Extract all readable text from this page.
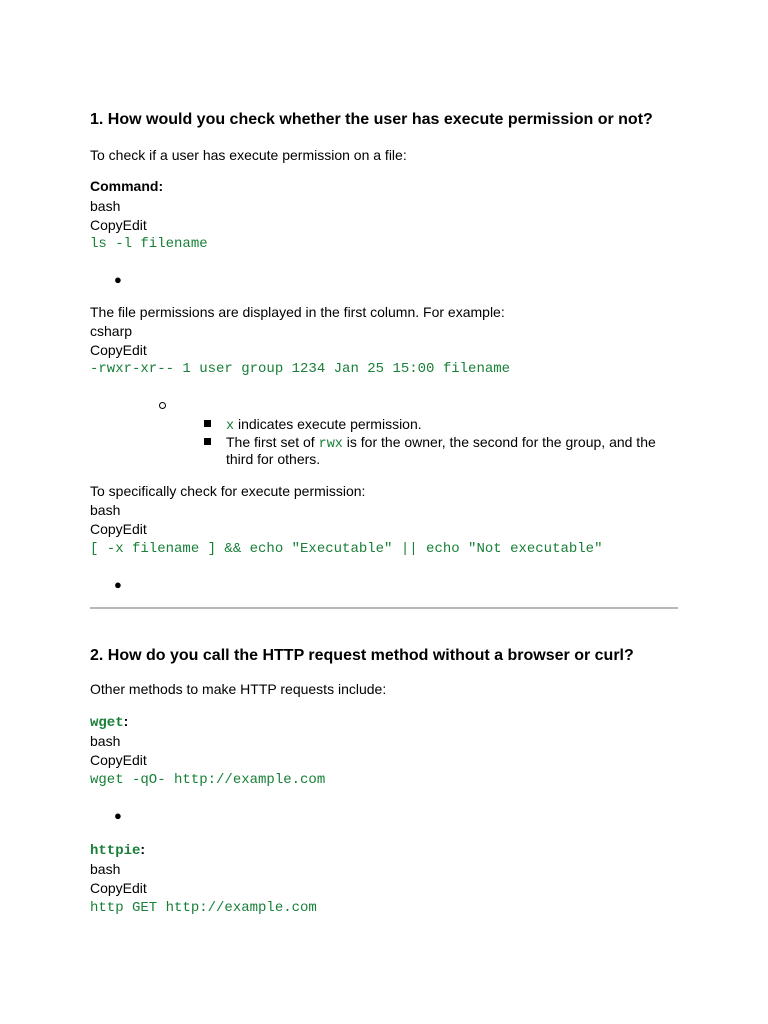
1. How would you check whether the user has execute permission or not?
To check if a user has execute permission on a file:
Command:
bash
CopyEdit
ls -l filename
●
The file permissions are displayed in the first column. For example:
csharp
CopyEdit
-rwxr-xr-- 1 user group 1234 Jan 25 15:00 filename
x indicates execute permission.
The first set of rwx is for the owner, the second for the group, and the
third for others.
To specifically check for execute permission:
bash
CopyEdit
[ -x filename ] && echo "Executable" || echo "Not executable"
●
2. How do you call the HTTP request method without a browser or curl?
Other methods to make HTTP requests include:
wget:
bash
CopyEdit
wget -qO- http://example.com
●
httpie:
bash
CopyEdit
http GET http://example.com
